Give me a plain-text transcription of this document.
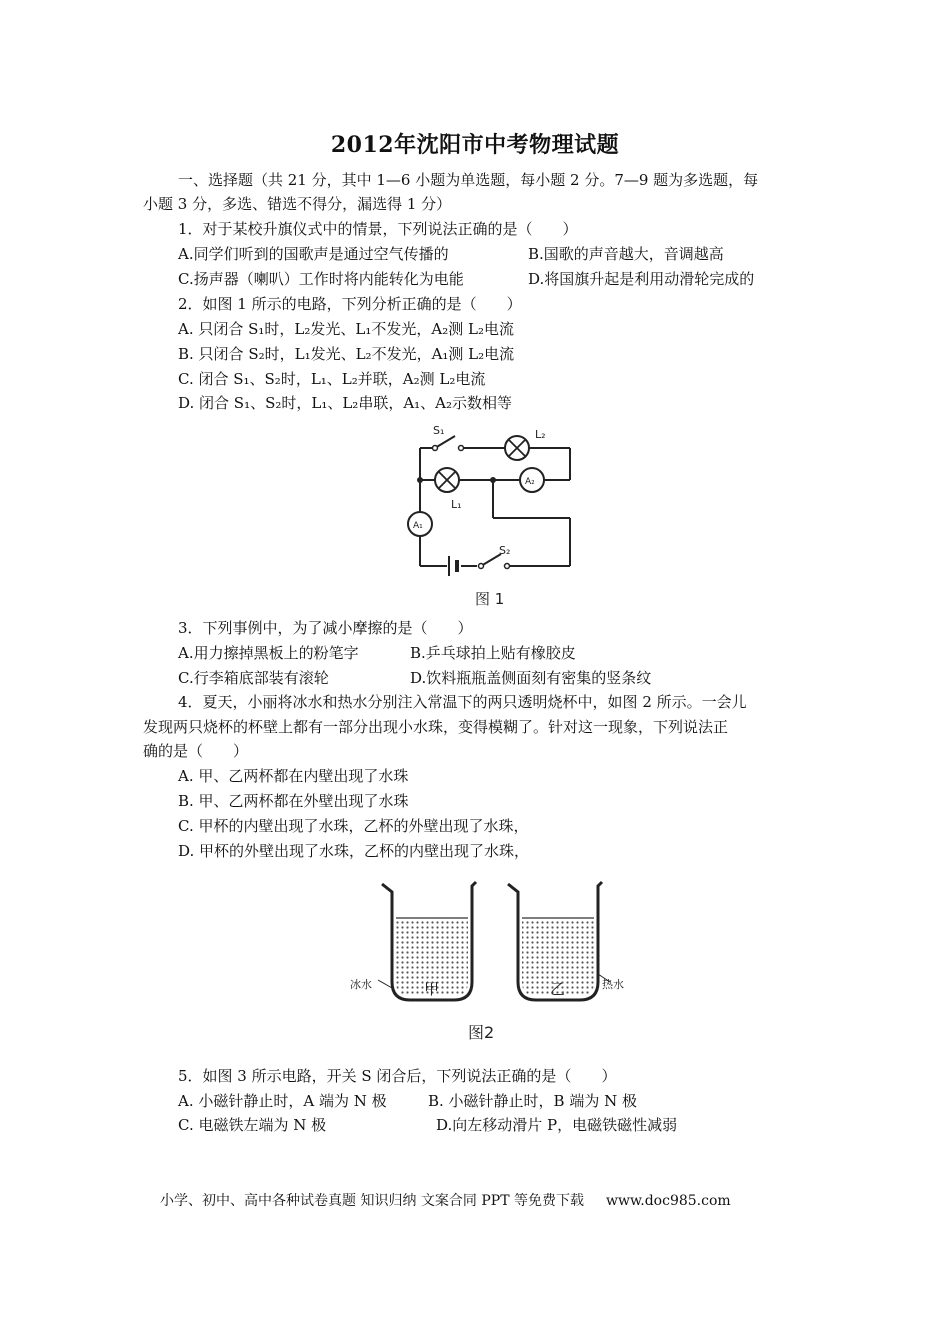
2012年沈阳市中考物理试题
一、选择题（共 21 分，其中 1—6 小题为单选题，每小题 2 分。7—9 题为多选题，每
小题 3 分，多选、错选不得分，漏选得 1 分）
1．对于某校升旗仪式中的情景，下列说法正确的是（　　）
A.同学们听到的国歌声是通过空气传播的	B.国歌的声音越大，音调越高
C.扬声器（喇叭）工作时将内能转化为电能	D.将国旗升起是利用动滑轮完成的
2．如图 1 所示的电路，下列分析正确的是（　　）
A. 只闭合 S₁时，L₂发光、L₁不发光，A₂测 L₂电流
B. 只闭合 S₂时，L₁发光、L₂不发光，A₁测 L₂电流
C. 闭合 S₁、S₂时，L₁、L₂并联，A₂测 L₂电流
D. 闭合 S₁、S₂时，L₁、L₂串联，A₁、A₂示数相等
S₁	L₂
L₁
A₂
A₁
S₂
图 1
3．下列事例中，为了减小摩擦的是（　　）
A.用力擦掉黑板上的粉笔字	B.乒乓球拍上贴有橡胶皮
C.行李箱底部装有滚轮	D.饮料瓶瓶盖侧面刻有密集的竖条纹
4．夏天，小丽将冰水和热水分别注入常温下的两只透明烧杯中，如图 2 所示。一会儿
发现两只烧杯的杯壁上都有一部分出现小水珠，变得模糊了。针对这一现象，下列说法正
确的是（　　）
A. 甲、乙两杯都在内壁出现了水珠
B. 甲、乙两杯都在外壁出现了水珠
C. 甲杯的内壁出现了水珠，乙杯的外壁出现了水珠，
D. 甲杯的外壁出现了水珠，乙杯的内壁出现了水珠，
冰水	甲	乙	热水
图2
5．如图 3 所示电路，开关 S 闭合后，下列说法正确的是（　　）
A. 小磁针静止时，A 端为 N 极	B. 小磁针静止时，B 端为 N 极
C. 电磁铁左端为 N 极	D.向左移动滑片 P，电磁铁磁性减弱
小学、初中、高中各种试卷真题 知识归纳 文案合同 PPT 等免费下载 www.doc985.com
